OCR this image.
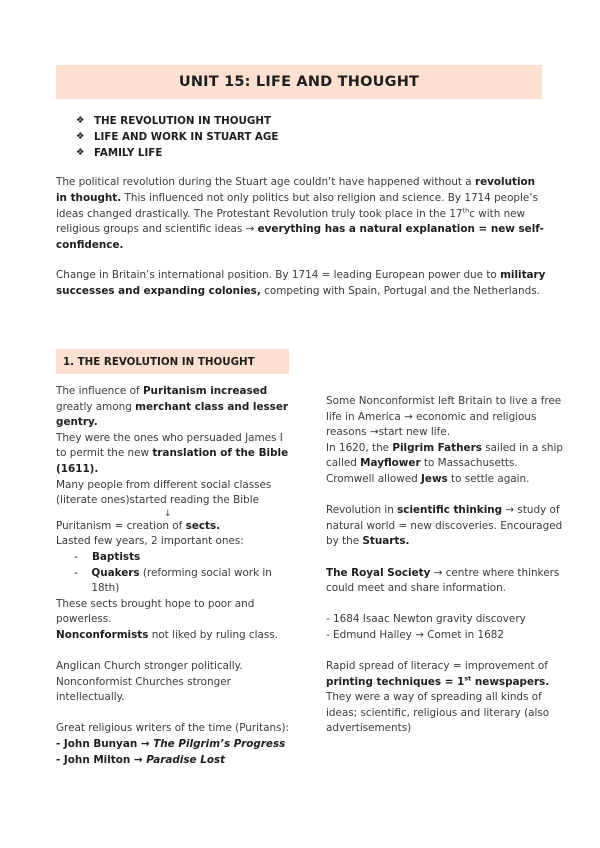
UNIT 15: LIFE AND THOUGHT
❖ THE REVOLUTION IN THOUGHT
❖ LIFE AND WORK IN STUART AGE
❖ FAMILY LIFE

The political revolution during the Stuart age couldn’t have happened without a revolution in thought. This influenced not only politics but also religion and science. By 1714 people’s ideas changed drastically. The Protestant Revolution truly took place in the 17thc with new religious groups and scientific ideas → everything has a natural explanation = new self-confidence.

Change in Britain’s international position. By 1714 = leading European power due to military successes and expanding colonies, competing with Spain, Portugal and the Netherlands.

1. THE REVOLUTION IN THOUGHT

The influence of Puritanism increased greatly among merchant class and lesser gentry.

They were the ones who persuaded James I to permit the new translation of the Bible (1611).

Many people from different social classes (literate ones)started reading the Bible

↓

Puritanism = creation of sects.

Lasted few years, 2 important ones:

-	Baptists
-	Quakers (reforming social work in 18th)

These sects brought hope to poor and powerless.

Nonconformists not liked by ruling class.

Anglican Church stronger politically. Nonconformist Churches stronger intellectually.

Great religious writers of the time (Puritans):

- John Bunyan → The Pilgrim’s Progress

- John Milton → Paradise Lost

Some Nonconformist left Britain to live a free life in America → economic and religious reasons →start new life.

In 1620, the Pilgrim Fathers sailed in a ship called Mayflower to Massachusetts. Cromwell allowed Jews to settle again.

Revolution in scientific thinking → study of natural world = new discoveries. Encouraged by the Stuarts.

The Royal Society → centre where thinkers could meet and share information.

- 1684 Isaac Newton gravity discovery

- Edmund Halley → Comet in 1682

Rapid spread of literacy = improvement of printing techniques = 1st newspapers.

They were a way of spreading all kinds of ideas; scientific, religious and literary (also advertisements)
